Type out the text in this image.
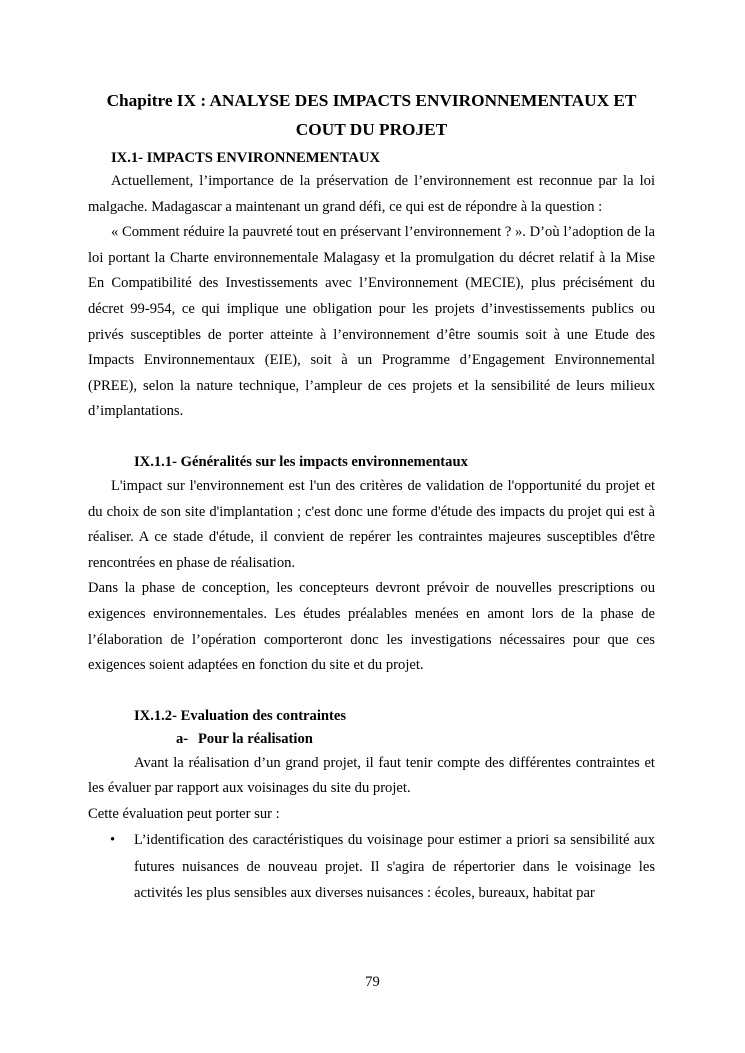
Chapitre IX : ANALYSE DES IMPACTS ENVIRONNEMENTAUX ET
COUT DU PROJET
IX.1- IMPACTS ENVIRONNEMENTAUX

Actuellement, l’importance de la préservation de l’environnement est reconnue par la loi malgache. Madagascar a maintenant un grand défi, ce qui est de répondre à la question :

« Comment réduire la pauvreté tout en préservant l’environnement ? ». D’où l’adoption de la loi portant la Charte environnementale Malagasy et la promulgation du décret relatif à la Mise En Compatibilité des Investissements avec l’Environnement (MECIE), plus précisément du décret 99-954, ce qui implique une obligation pour les projets d’investissements publics ou privés susceptibles de porter atteinte à l’environnement d’être soumis soit à une Etude des Impacts Environnementaux (EIE), soit à un Programme d’Engagement Environnemental (PREE), selon la nature technique, l’ampleur de ces projets et la sensibilité de leurs milieux d’implantations.

IX.1.1- Généralités sur les impacts environnementaux

L'impact sur l'environnement est l'un des critères de validation de l'opportunité du projet et du choix de son site d'implantation ; c'est donc une forme d'étude des impacts du projet qui est à réaliser. A ce stade d'étude, il convient de repérer les contraintes majeures susceptibles d'être rencontrées en phase de réalisation.

Dans la phase de conception, les concepteurs devront prévoir de nouvelles prescriptions ou exigences environnementales. Les études préalables menées en amont lors de la phase de l’élaboration de l’opération comporteront donc les investigations nécessaires pour que ces exigences soient adaptées en fonction du site et du projet.

IX.1.2- Evaluation des contraintes
a- Pour la réalisation

Avant la réalisation d’un grand projet, il faut tenir compte des différentes contraintes et les évaluer par rapport aux voisinages du site du projet.

Cette évaluation peut porter sur :

• L’identification des caractéristiques du voisinage pour estimer a priori sa sensibilité aux futures nuisances de nouveau projet. Il s'agira de répertorier dans le voisinage les activités les plus sensibles aux diverses nuisances : écoles, bureaux, habitat par
79
